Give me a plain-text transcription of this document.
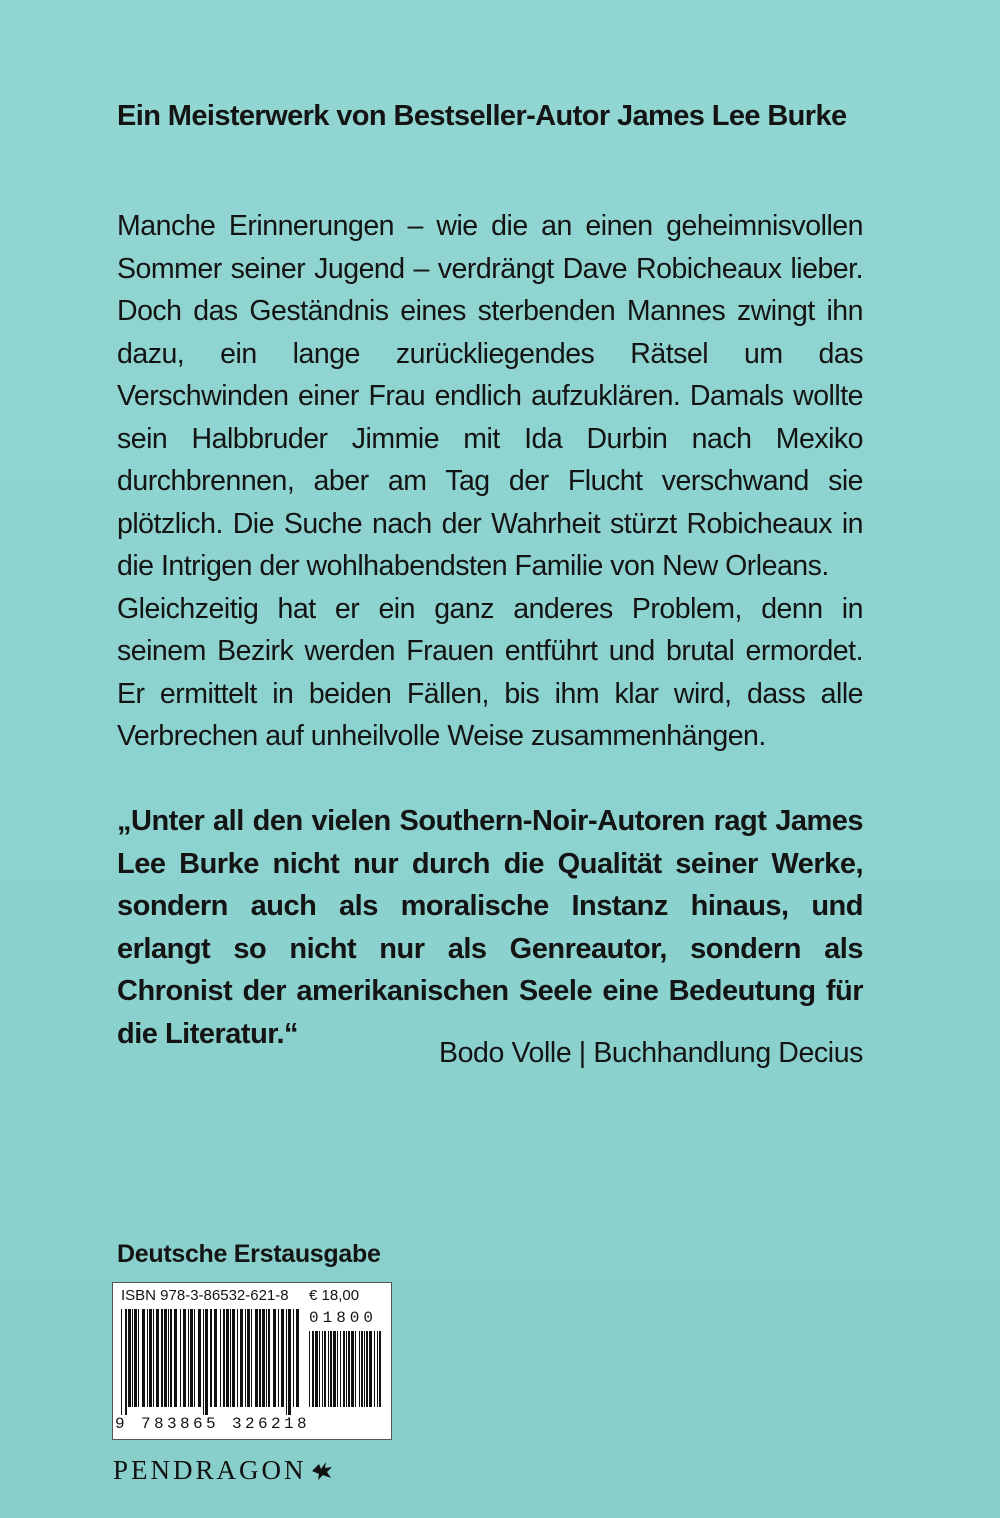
Ein Meisterwerk von Bestseller-Autor James Lee Burke

Manche Erinnerungen – wie die an einen geheimnisvollen Sommer seiner Jugend – verdrängt Dave Robicheaux lieber. Doch das Geständnis eines sterbenden Mannes zwingt ihn dazu, ein lange zurückliegendes Rätsel um das Verschwinden einer Frau endlich aufzuklären. Damals wollte sein Halbbruder Jimmie mit Ida Durbin nach Mexiko durchbrennen, aber am Tag der Flucht verschwand sie plötzlich. Die Suche nach der Wahrheit stürzt Robicheaux in die Intrigen der wohlhabendsten Familie von New Orleans.

Gleichzeitig hat er ein ganz anderes Problem, denn in seinem Bezirk werden Frauen entführt und brutal ermordet. Er ermittelt in beiden Fällen, bis ihm klar wird, dass alle Verbrechen auf unheilvolle Weise zusammenhängen.

„Unter all den vielen Southern-Noir-Autoren ragt James Lee Burke nicht nur durch die Qualität seiner Werke, sondern auch als moralische Instanz hinaus, und erlangt so nicht nur als Genreautor, sondern als Chronist der amerikanischen Seele eine Bedeutung für die Literatur.“

Bodo Volle | Buchhandlung Decius
Deutsche Erstausgabe
ISBN 978-3-86532-621-8 € 18,00
01800
9 783865 326218
PENDRAGON
